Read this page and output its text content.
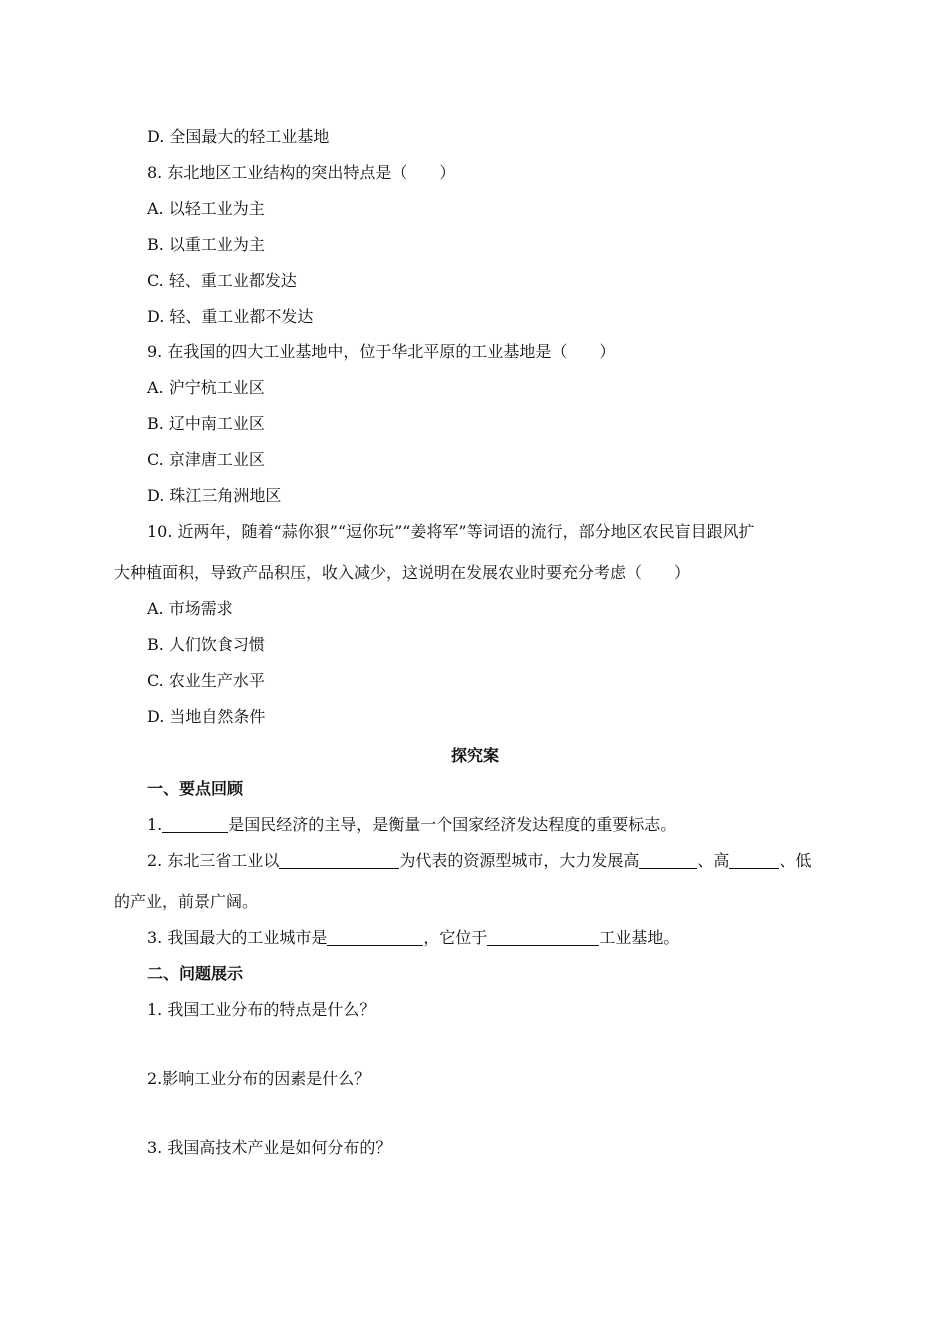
D. 全国最大的轻工业基地
8. 东北地区工业结构的突出特点是（　　）
A. 以轻工业为主
B. 以重工业为主
C. 轻、重工业都发达
D. 轻、重工业都不发达
9. 在我国的四大工业基地中，位于华北平原的工业基地是（　　）
A. 沪宁杭工业区
B. 辽中南工业区
C. 京津唐工业区
D. 珠江三角洲地区
10. 近两年，随着“蒜你狠”“逗你玩”“姜将军”等词语的流行，部分地区农民盲目跟风扩
大种植面积，导致产品积压，收入减少，这说明在发展农业时要充分考虑（　　）
A. 市场需求
B. 人们饮食习惯
C. 农业生产水平
D. 当地自然条件
探究案
一、要点回顾
1.	是国民经济的主导，是衡量一个国家经济发达程度的重要标志。
2. 东北三省工业以	为代表的资源型城市，大力发展高	、高	、低
的产业，前景广阔。
3. 我国最大的工业城市是	，它位于	工业基地。
二、问题展示
1. 我国工业分布的特点是什么？
2.影响工业分布的因素是什么？
3. 我国高技术产业是如何分布的？
